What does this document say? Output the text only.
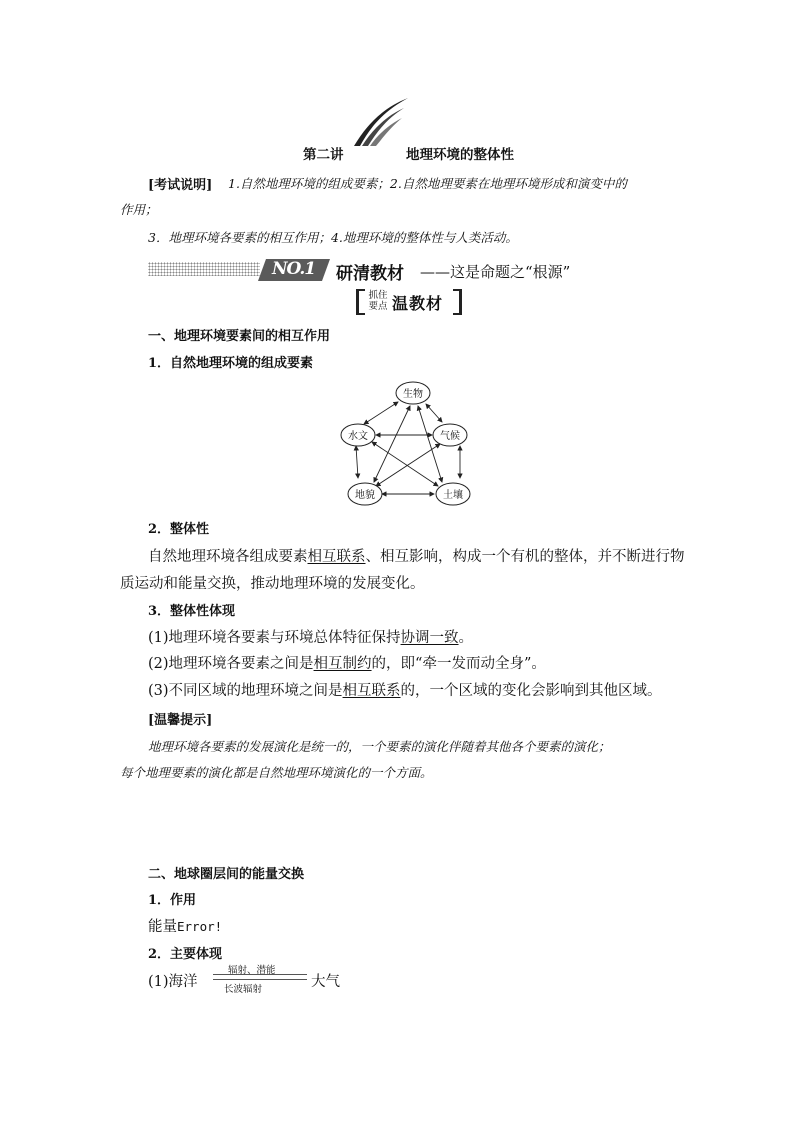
第二讲	地理环境的整体性
[考试说明] 1.自然地理环境的组成要素；2.自然地理要素在地理环境形成和演变中的
作用；
3．地理环境各要素的相互作用；4.地理环境的整体性与人类活动。
NO.1 研清教材 ——这是命题之“根源”
抓住要点 温教材
一、地理环境要素间的相互作用
1．自然地理环境的组成要素
生物
气候
土壤
地貌
水文
2．整体性
自然地理环境各组成要素相互联系、相互影响，构成一个有机的整体，并不断进行物
质运动和能量交换，推动地理环境的发展变化。
3．整体性体现
(1)地理环境各要素与环境总体特征保持协调一致。
(2)地理环境各要素之间是相互制约的，即“牵一发而动全身”。
(3)不同区域的地理环境之间是相互联系的，一个区域的变化会影响到其他区域。
[温馨提示]
地理环境各要素的发展演化是统一的，一个要素的演化伴随着其他各个要素的演化；
每个地理要素的演化都是自然地理环境演化的一个方面。
二、地球圈层间的能量交换
1．作用
能量Error!
2．主要体现
(1)海洋
辐射、潜能
长波辐射	大气
